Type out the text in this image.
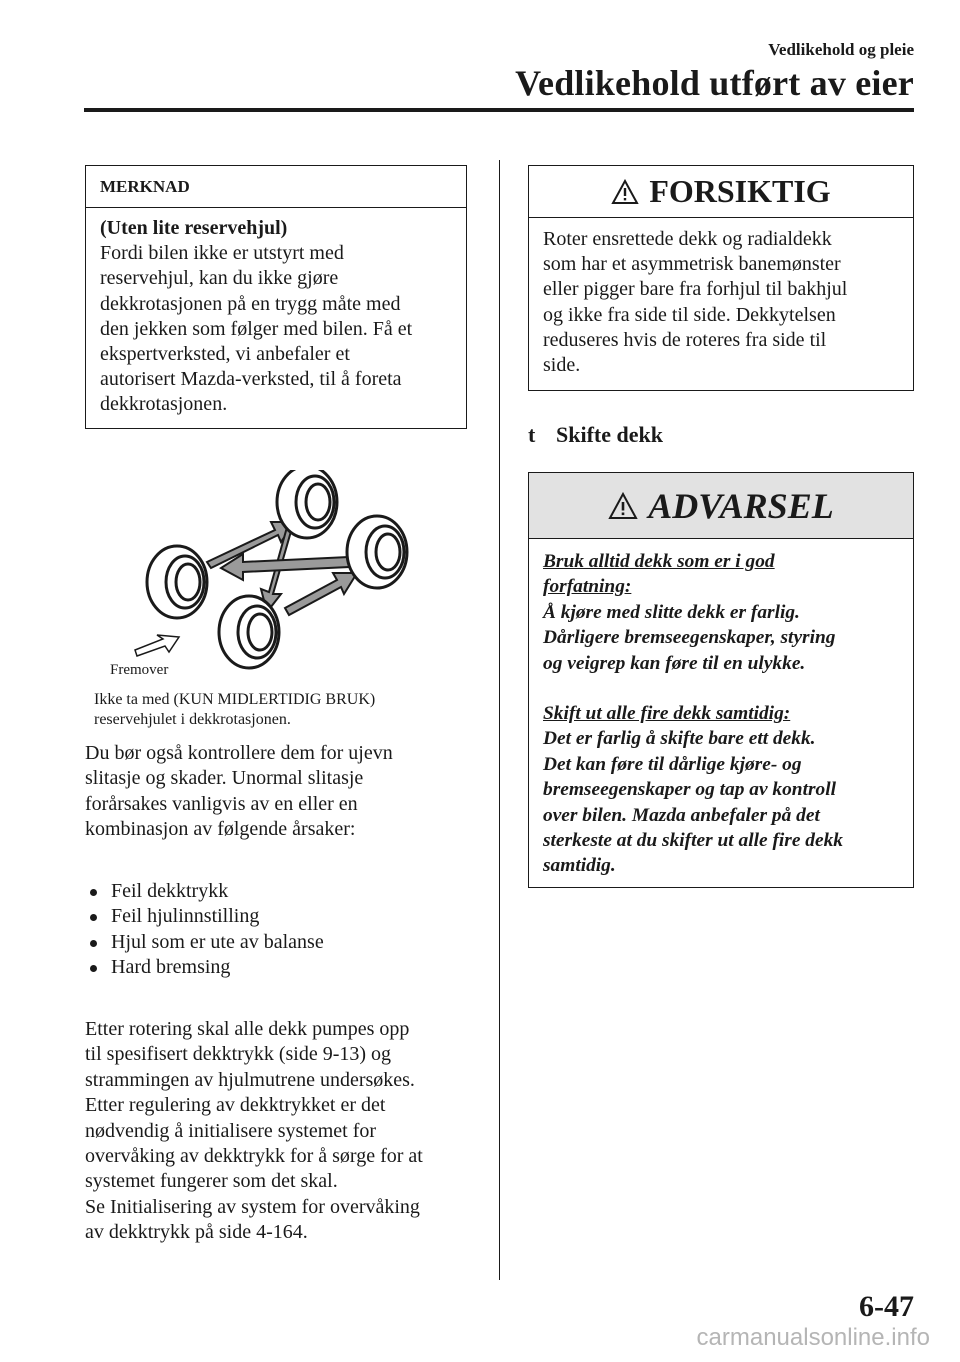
Vedlikehold og pleie
Vedlikehold utført av eier
MERKNAD
(Uten lite reservehjul)
Fordi bilen ikke er utstyrt med
reservehjul, kan du ikke gjøre
dekkrotasjonen på en trygg måte med
den jekken som følger med bilen. Få et
ekspertverksted, vi anbefaler et
autorisert Mazda-verksted, til å foreta
dekkrotasjonen.
Fremover
Ikke ta med (KUN MIDLERTIDIG BRUK)
reservehjulet i dekkrotasjonen.
Du bør også kontrollere dem for ujevn
slitasje og skader. Unormal slitasje
forårsakes vanligvis av en eller en
kombinasjon av følgende årsaker:
Feil dekktrykk
Feil hjulinnstilling
Hjul som er ute av balanse
Hard bremsing
Etter rotering skal alle dekk pumpes opp
til spesifisert dekktrykk (side 9-13) og
strammingen av hjulmutrene undersøkes.
Etter regulering av dekktrykket er det
nødvendig å initialisere systemet for
overvåking av dekktrykk for å sørge for at
systemet fungerer som det skal.
Se Initialisering av system for overvåking
av dekktrykk på side 4-164.
FORSIKTIG
Roter ensrettede dekk og radialdekk
som har et asymmetrisk banemønster
eller pigger bare fra forhjul til bakhjul
og ikke fra side til side. Dekkytelsen
reduseres hvis de roteres fra side til
side.
t Skifte dekk
ADVARSEL
Bruk alltid dekk som er i god
forfatning:
Å kjøre med slitte dekk er farlig.
Dårligere bremseegenskaper, styring
og veigrep kan føre til en ulykke.
Skift ut alle fire dekk samtidig:
Det er farlig å skifte bare ett dekk.
Det kan føre til dårlige kjøre- og
bremseegenskaper og tap av kontroll
over bilen. Mazda anbefaler på det
sterkeste at du skifter ut alle fire dekk
samtidig.
6-47
carmanualsonline.info
